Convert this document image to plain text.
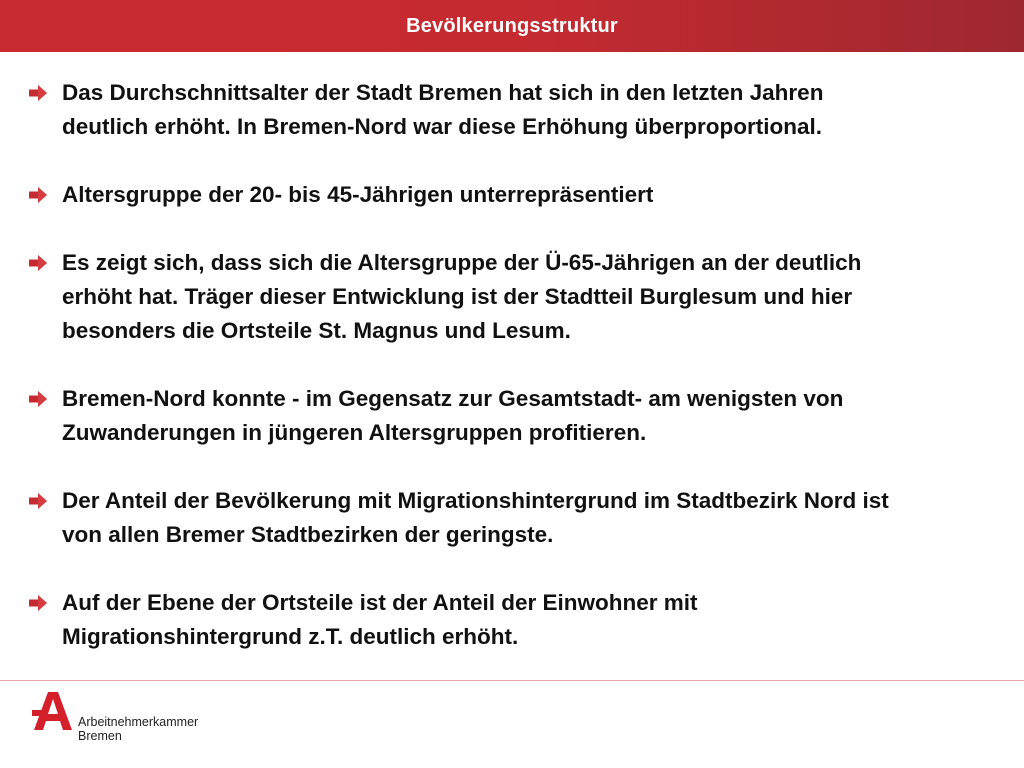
Bevölkerungsstruktur
Das Durchschnittsalter der Stadt Bremen hat sich in den letzten Jahren
deutlich erhöht. In Bremen-Nord war diese Erhöhung überproportional.
Altersgruppe der 20- bis 45-Jährigen unterrepräsentiert
Es zeigt sich, dass sich die Altersgruppe der Ü-65-Jährigen an der deutlich
erhöht hat. Träger dieser Entwicklung ist der Stadtteil Burglesum und hier
besonders die Ortsteile St. Magnus und Lesum.
Bremen-Nord konnte - im Gegensatz zur Gesamtstadt- am wenigsten von
Zuwanderungen in jüngeren Altersgruppen profitieren.
Der Anteil der Bevölkerung mit Migrationshintergrund im Stadtbezirk Nord ist
von allen Bremer Stadtbezirken der geringste.
Auf der Ebene der Ortsteile ist der Anteil der Einwohner mit
Migrationshintergrund z.T. deutlich erhöht.
Arbeitnehmerkammer
Bremen
